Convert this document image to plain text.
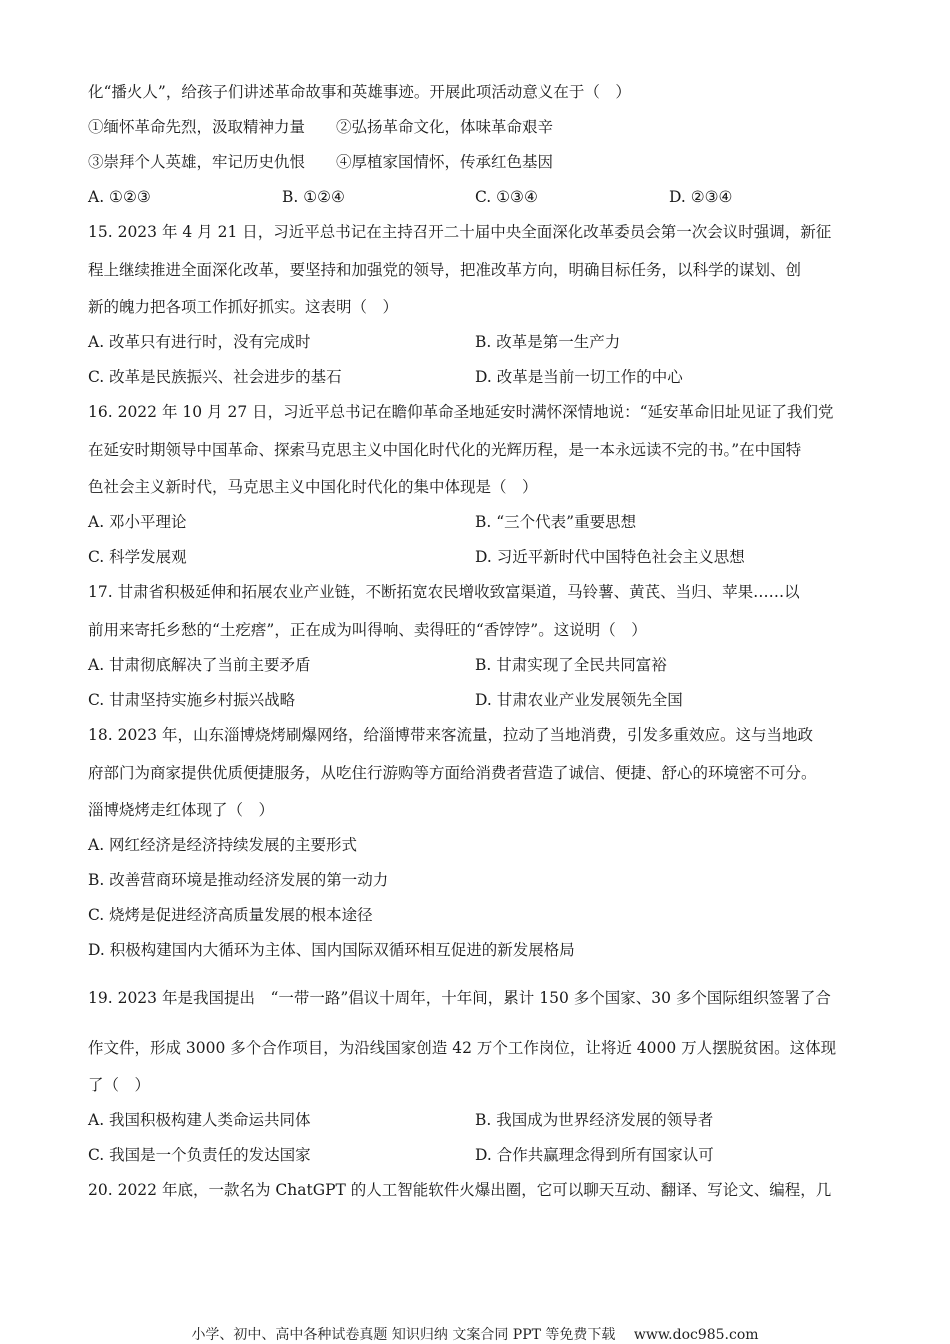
化“播火人”，给孩子们讲述革命故事和英雄事迹。开展此项活动意义在于（　）
①缅怀革命先烈，汲取精神力量　　②弘扬革命文化，体味革命艰辛
③崇拜个人英雄，牢记历史仇恨　　④厚植家国情怀，传承红色基因
A. ①②③	B. ①②④	C. ①③④	D. ②③④
15. 2023 年 4 月 21 日，习近平总书记在主持召开二十届中央全面深化改革委员会第一次会议时强调，新征
程上继续推进全面深化改革，要坚持和加强党的领导，把准改革方向，明确目标任务，以科学的谋划、创
新的魄力把各项工作抓好抓实。这表明（　）
A. 改革只有进行时，没有完成时	B. 改革是第一生产力
C. 改革是民族振兴、社会进步的基石	D. 改革是当前一切工作的中心
16. 2022 年 10 月 27 日，习近平总书记在瞻仰革命圣地延安时满怀深情地说：“延安革命旧址见证了我们党
在延安时期领导中国革命、探索马克思主义中国化时代化的光辉历程，是一本永远读不完的书。”在中国特
色社会主义新时代，马克思主义中国化时代化的集中体现是（　）
A. 邓小平理论	B. “三个代表”重要思想
C. 科学发展观	D. 习近平新时代中国特色社会主义思想
17. 甘肃省积极延伸和拓展农业产业链，不断拓宽农民增收致富渠道，马铃薯、黄芪、当归、苹果……以
前用来寄托乡愁的“土疙瘩”，正在成为叫得响、卖得旺的“香饽饽”。这说明（　）
A. 甘肃彻底解决了当前主要矛盾	B. 甘肃实现了全民共同富裕
C. 甘肃坚持实施乡村振兴战略	D. 甘肃农业产业发展领先全国
18. 2023 年，山东淄博烧烤刷爆网络，给淄博带来客流量，拉动了当地消费，引发多重效应。这与当地政
府部门为商家提供优质便捷服务，从吃住行游购等方面给消费者营造了诚信、便捷、舒心的环境密不可分。
淄博烧烤走红体现了（　）
A. 网红经济是经济持续发展的主要形式
B. 改善营商环境是推动经济发展的第一动力
C. 烧烤是促进经济高质量发展的根本途径
D. 积极构建国内大循环为主体、国内国际双循环相互促进的新发展格局
19. 2023 年是我国提出　“一带一路”倡议十周年，十年间，累计 150 多个国家、30 多个国际组织签署了合
作文件，形成 3000 多个合作项目，为沿线国家创造 42 万个工作岗位，让将近 4000 万人摆脱贫困。这体现
了（　）
A. 我国积极构建人类命运共同体	B. 我国成为世界经济发展的领导者
C. 我国是一个负责任的发达国家	D. 合作共赢理念得到所有国家认可
20. 2022 年底，一款名为 ChatGPT 的人工智能软件火爆出圈，它可以聊天互动、翻译、写论文、编程，几
小学、初中、高中各种试卷真题 知识归纳 文案合同 PPT 等免费下载　 www.doc985.com
